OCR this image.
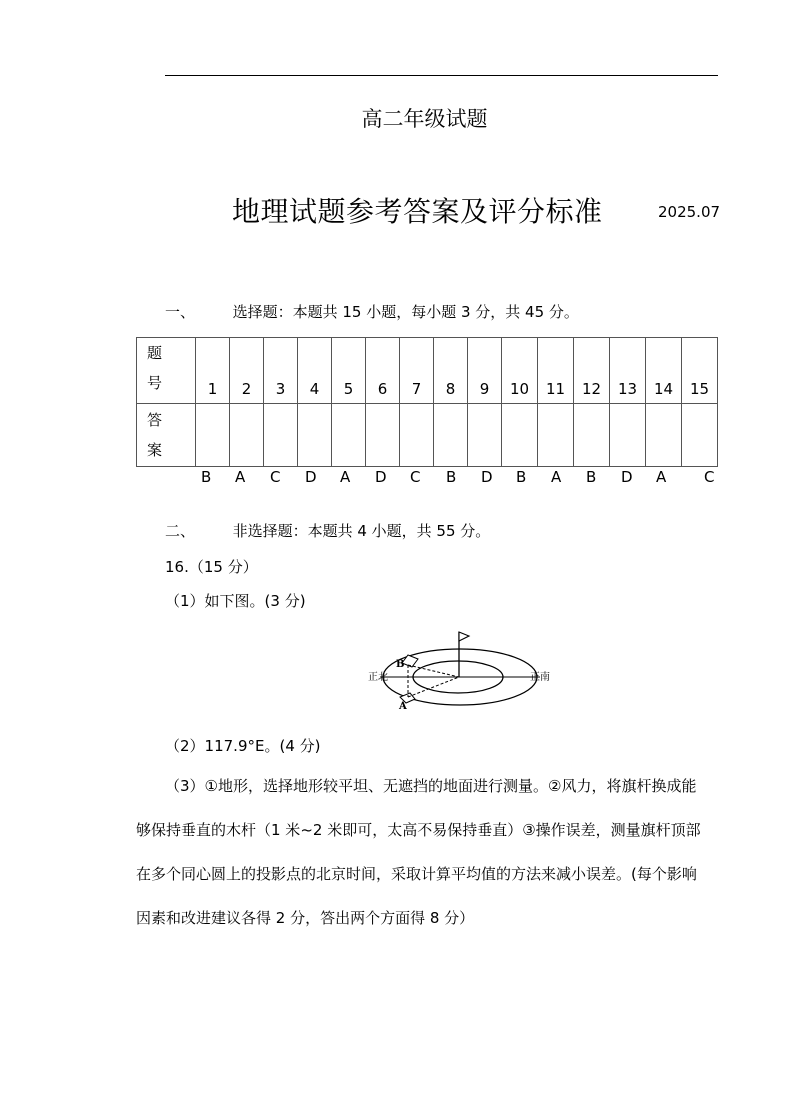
高二年级试题
地理试题参考答案及评分标准	2025.07
一、	选择题：本题共 15 小题，每小题 3 分，共 45 分。
题
号	1	2	3	4	5	6	7	8	9	10	11	12	13	14	15
答
案															
B A C D A D C B D B A B D A	C
二、	非选择题：本题共 4 小题，共 55 分。
16.（15 分）
（1）如下图。(3 分)
正北	正南
B
A
（2）117.9°E。(4 分)
（3）①地形，选择地形较平坦、无遮挡的地面进行测量。②风力，将旗杆换成能
够保持垂直的木杆（1 米~2 米即可，太高不易保持垂直）③操作误差，测量旗杆顶部
在多个同心圆上的投影点的北京时间，采取计算平均值的方法来减小误差。(每个影响
因素和改进建议各得 2 分，答出两个方面得 8 分）
